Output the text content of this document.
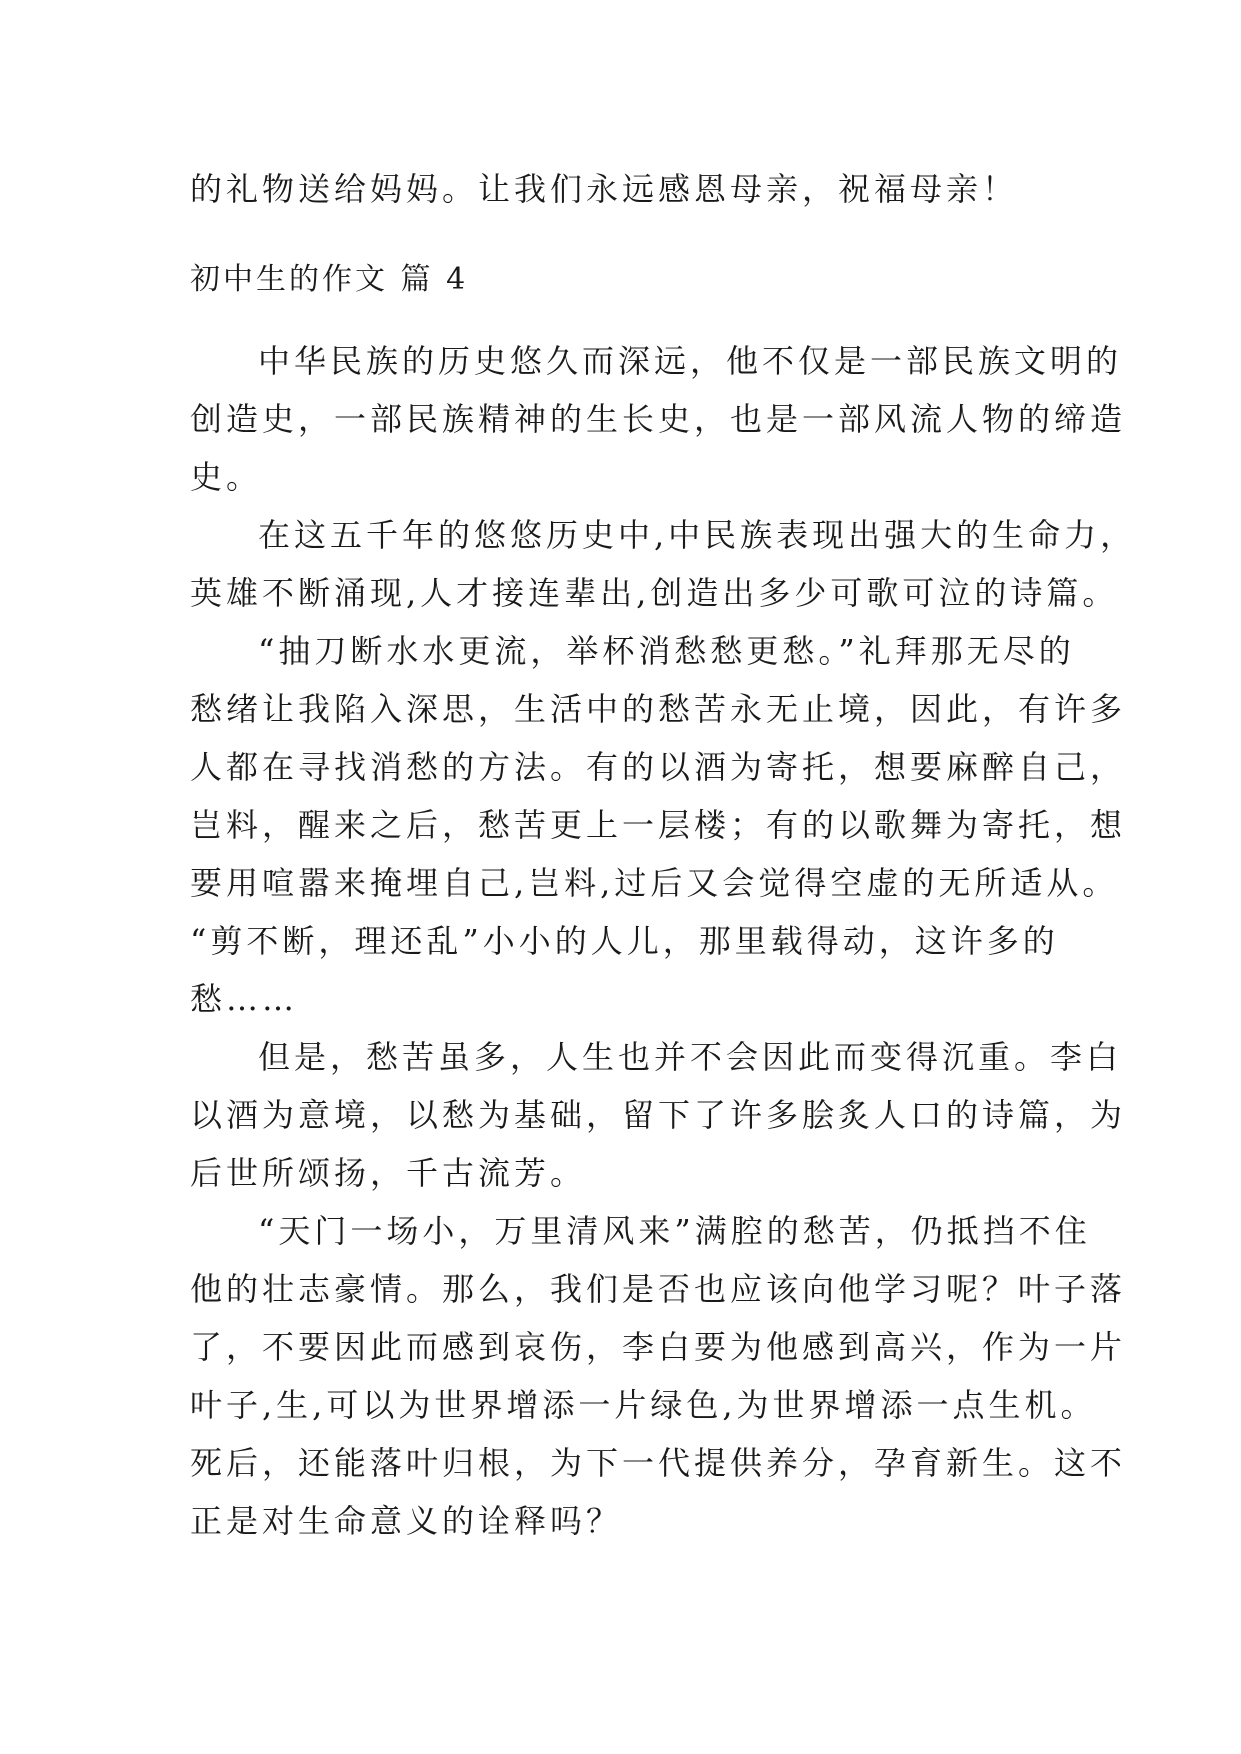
的礼物送给妈妈。让我们永远感恩母亲，祝福母亲！
初中生的作文 篇 4
中华民族的历史悠久而深远，他不仅是一部民族文明的
创造史，一部民族精神的生长史，也是一部风流人物的缔造
史。
在这五千年的悠悠历史中,中民族表现出强大的生命力，
英雄不断涌现,人才接连辈出,创造出多少可歌可泣的诗篇。
“抽刀断水水更流，举杯消愁愁更愁。”礼拜那无尽的
愁绪让我陷入深思，生活中的愁苦永无止境，因此，有许多
人都在寻找消愁的方法。有的以酒为寄托，想要麻醉自己，
岂料，醒来之后，愁苦更上一层楼；有的以歌舞为寄托，想
要用喧嚣来掩埋自己,岂料,过后又会觉得空虚的无所适从。
“剪不断，理还乱”小小的人儿，那里载得动，这许多的
愁……
但是，愁苦虽多，人生也并不会因此而变得沉重。李白
以酒为意境，以愁为基础，留下了许多脍炙人口的诗篇，为
后世所颂扬，千古流芳。
“天门一场小，万里清风来”满腔的愁苦，仍抵挡不住
他的壮志豪情。那么，我们是否也应该向他学习呢？叶子落
了，不要因此而感到哀伤，李白要为他感到高兴，作为一片
叶子,生,可以为世界增添一片绿色,为世界增添一点生机。
死后，还能落叶归根，为下一代提供养分，孕育新生。这不
正是对生命意义的诠释吗？
